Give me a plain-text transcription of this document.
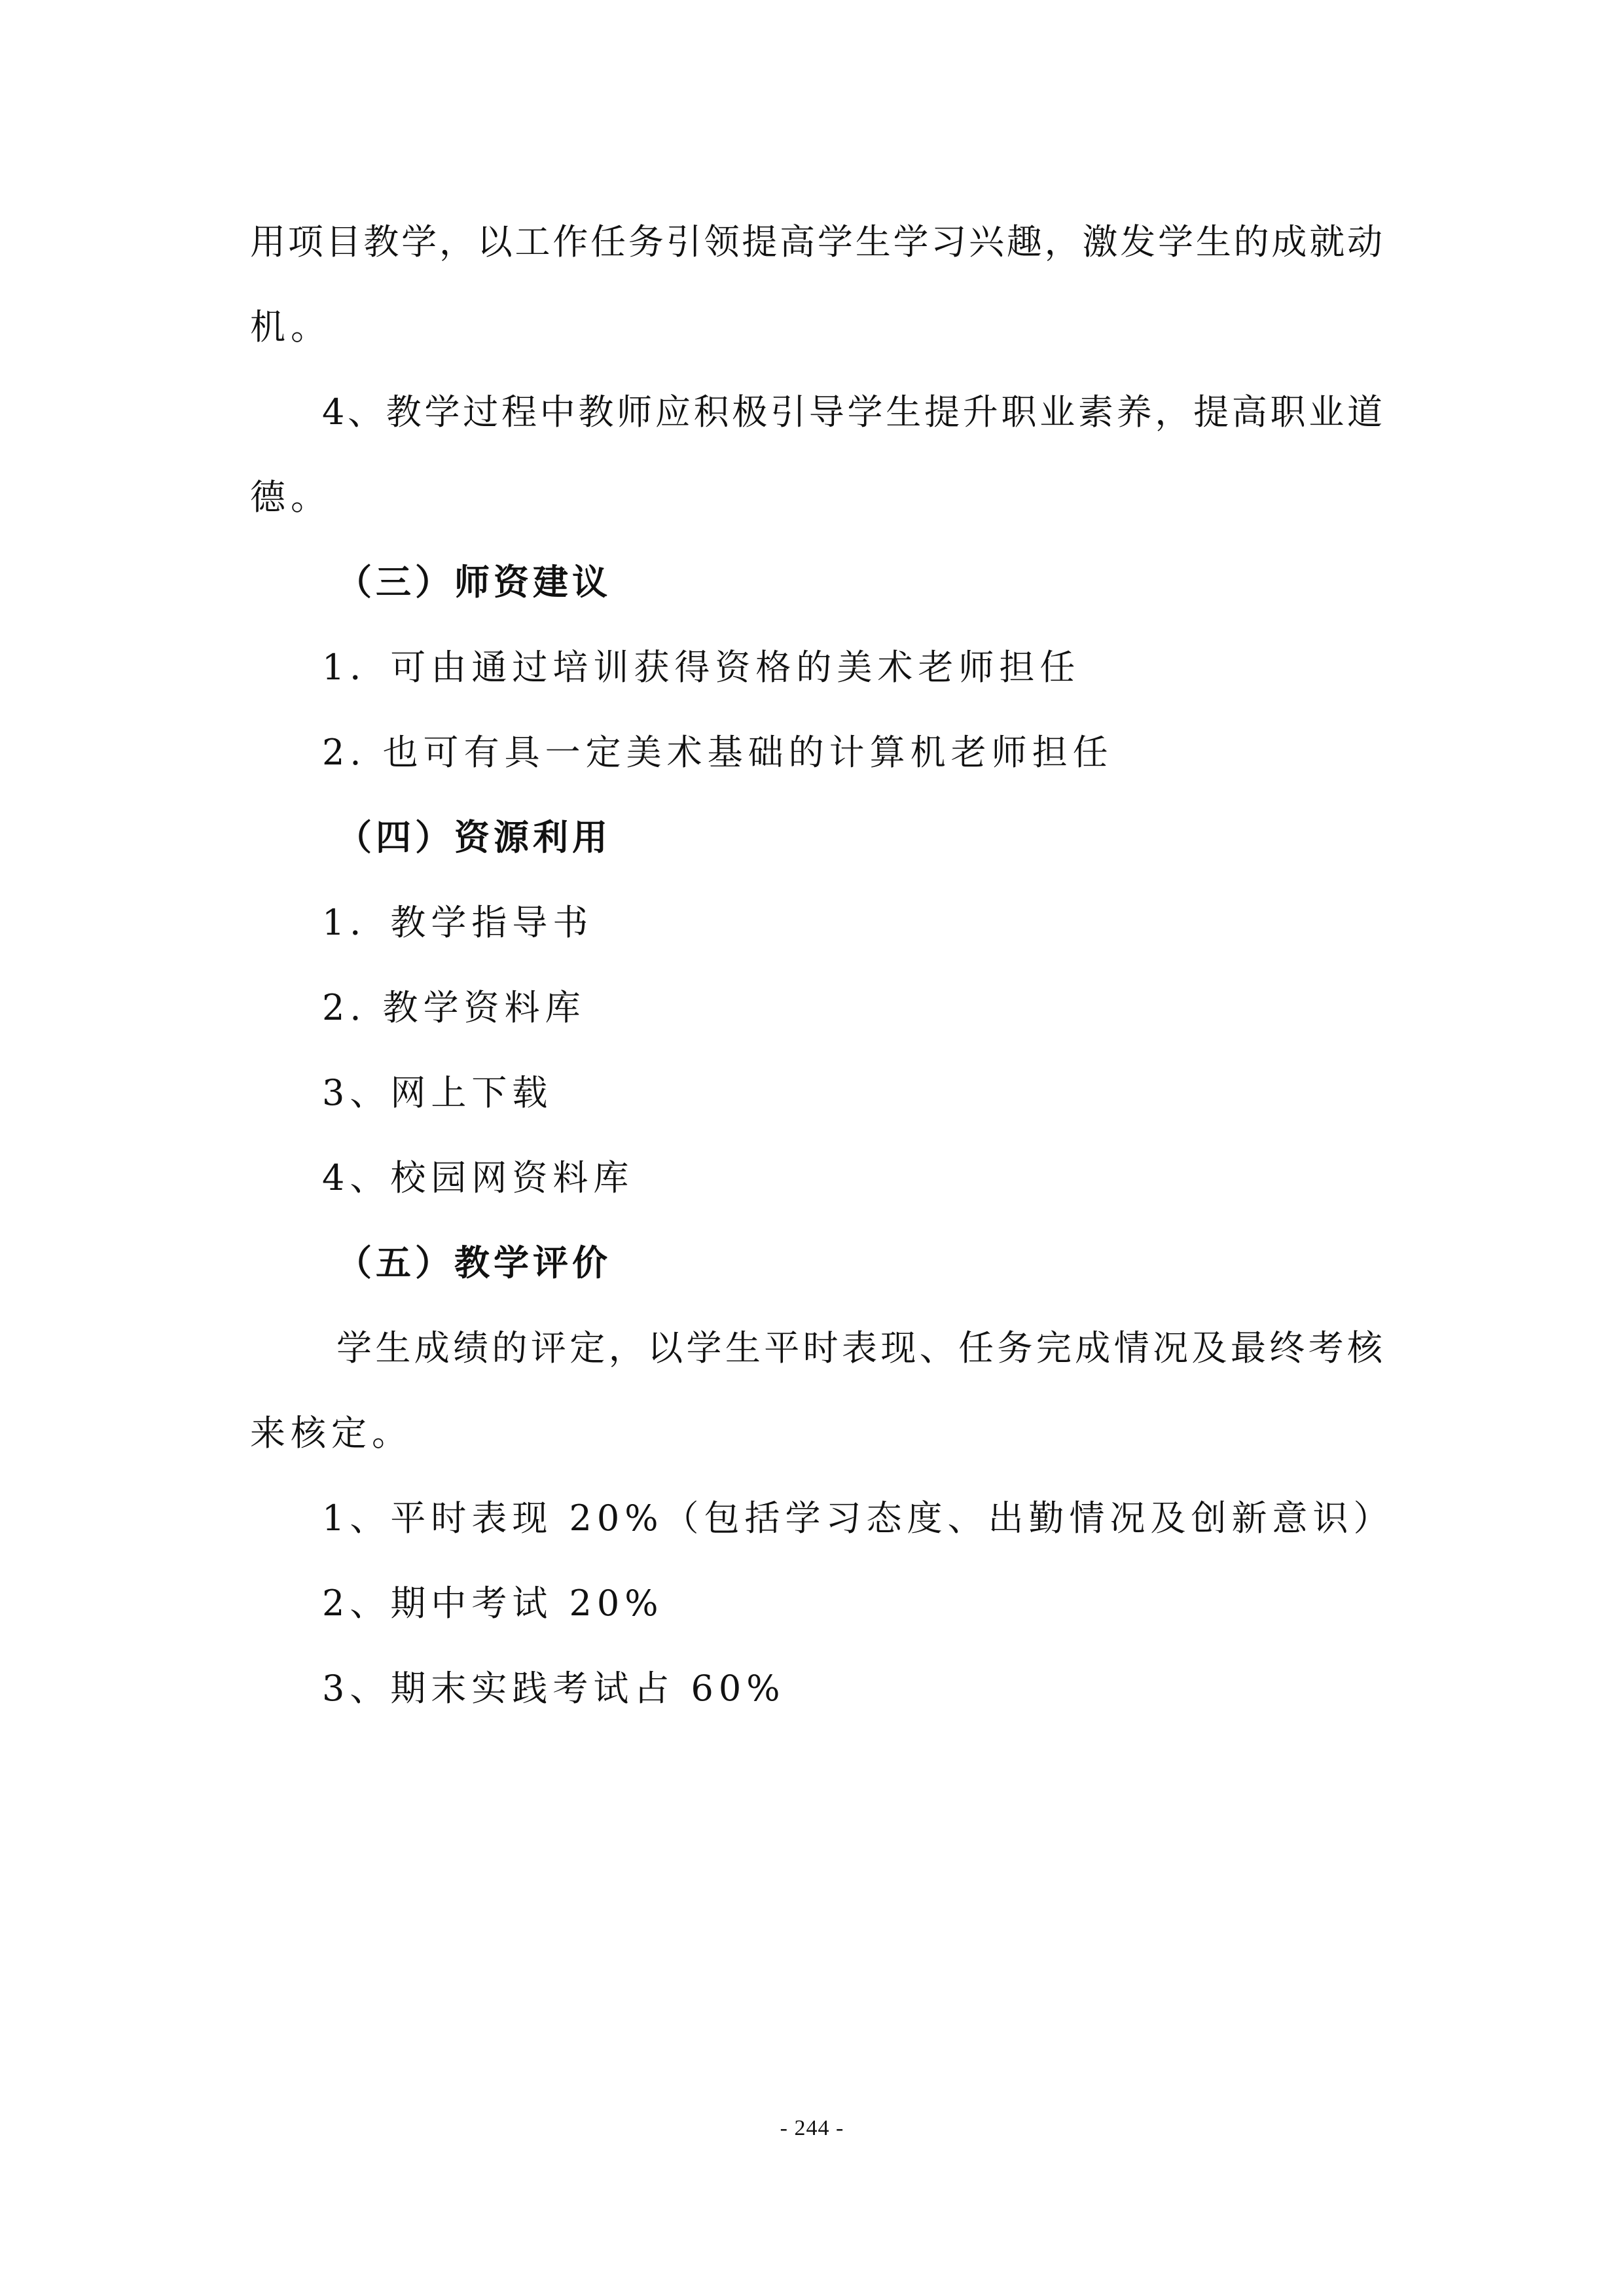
用项目教学，以工作任务引领提高学生学习兴趣，激发学生的成就动
机。
4、教学过程中教师应积极引导学生提升职业素养，提高职业道
德。
（三）师资建议
1．可由通过培训获得资格的美术老师担任
2. 也可有具一定美术基础的计算机老师担任
（四）资源利用
1．教学指导书
2. 教学资料库
3、网上下载
4、校园网资料库
（五）教学评价
学生成绩的评定，以学生平时表现、任务完成情况及最终考核
来核定。
1、平时表现 20%（包括学习态度、出勤情况及创新意识）
2、期中考试 20%
3、期末实践考试占 60%
- 244 -
